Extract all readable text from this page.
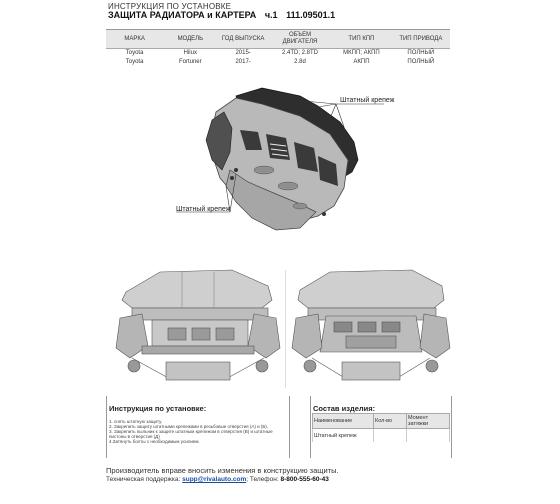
ИНСТРУКЦИЯ ПО УСТАНОВКЕ
ЗАЩИТА РАДИАТОРА и КАРТЕРА ч.1 111.09501.1
МАРКА	МОДЕЛЬ	ГОД ВЫПУСКА	ОБЪЕМ ДВИГАТЕЛЯ	ТИП КПП	ТИП ПРИВОДА
Toyota	Hilux	2015-	2.4TD; 2.8TD	МКПП; АКПП	ПОЛНЫЙ
Toyota	Fortuner	2017-	2.8d	АКПП	ПОЛНЫЙ
Штатный крепеж
Штатный крепеж
Инструкция по установке:
1. снять штатную защиту.
2. Закрепить защиту штатными крепежами в резьбовые отверстия (А) и (Б).
3. Закрепить пыльник к защите штатным крепежом в отверстия (В) и штатные
пистоны в отверстия (Д)
4.Затянуть болты с необходимым усилием.
Состав изделия:
Наименование	Кол-во	Момент затяжки
Штатный крепеж		
Производитель вправе вносить изменения в конструкцию защиты.
Техническая поддержка: supp@rivalauto.com; Телефон: 8-800-555-60-43
